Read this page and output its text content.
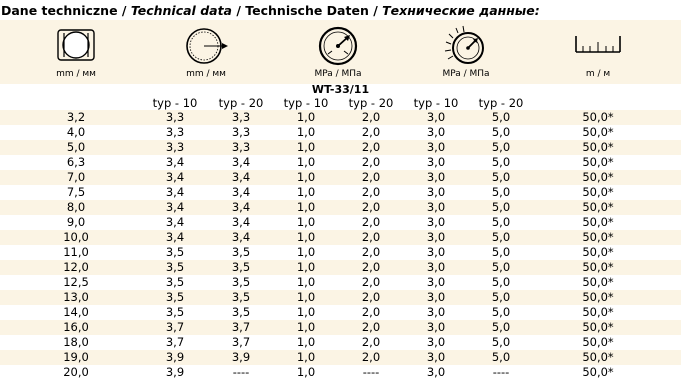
Dane techniczne / Technical data / Technische Daten / Технические данные:
mm / мм	mm / мм	MPa / МПа	MPa / МПа	m / м
WT-33/11
typ - 10	typ - 20	typ - 10	typ - 20	typ - 10	typ - 20
3,2	3,3	3,3	1,0	2,0	3,0	5,0	50,0*
4,0	3,3	3,3	1,0	2,0	3,0	5,0	50,0*
5,0	3,3	3,3	1,0	2,0	3,0	5,0	50,0*
6,3	3,4	3,4	1,0	2,0	3,0	5,0	50,0*
7,0	3,4	3,4	1,0	2,0	3,0	5,0	50,0*
7,5	3,4	3,4	1,0	2,0	3,0	5,0	50,0*
8,0	3,4	3,4	1,0	2,0	3,0	5,0	50,0*
9,0	3,4	3,4	1,0	2,0	3,0	5,0	50,0*
10,0	3,4	3,4	1,0	2,0	3,0	5,0	50,0*
11,0	3,5	3,5	1,0	2,0	3,0	5,0	50,0*
12,0	3,5	3,5	1,0	2,0	3,0	5,0	50,0*
12,5	3,5	3,5	1,0	2,0	3,0	5,0	50,0*
13,0	3,5	3,5	1,0	2,0	3,0	5,0	50,0*
14,0	3,5	3,5	1,0	2,0	3,0	5,0	50,0*
16,0	3,7	3,7	1,0	2,0	3,0	5,0	50,0*
18,0	3,7	3,7	1,0	2,0	3,0	5,0	50,0*
19,0	3,9	3,9	1,0	2,0	3,0	5,0	50,0*
20,0	3,9	----	1,0	----	3,0	----	50,0*
